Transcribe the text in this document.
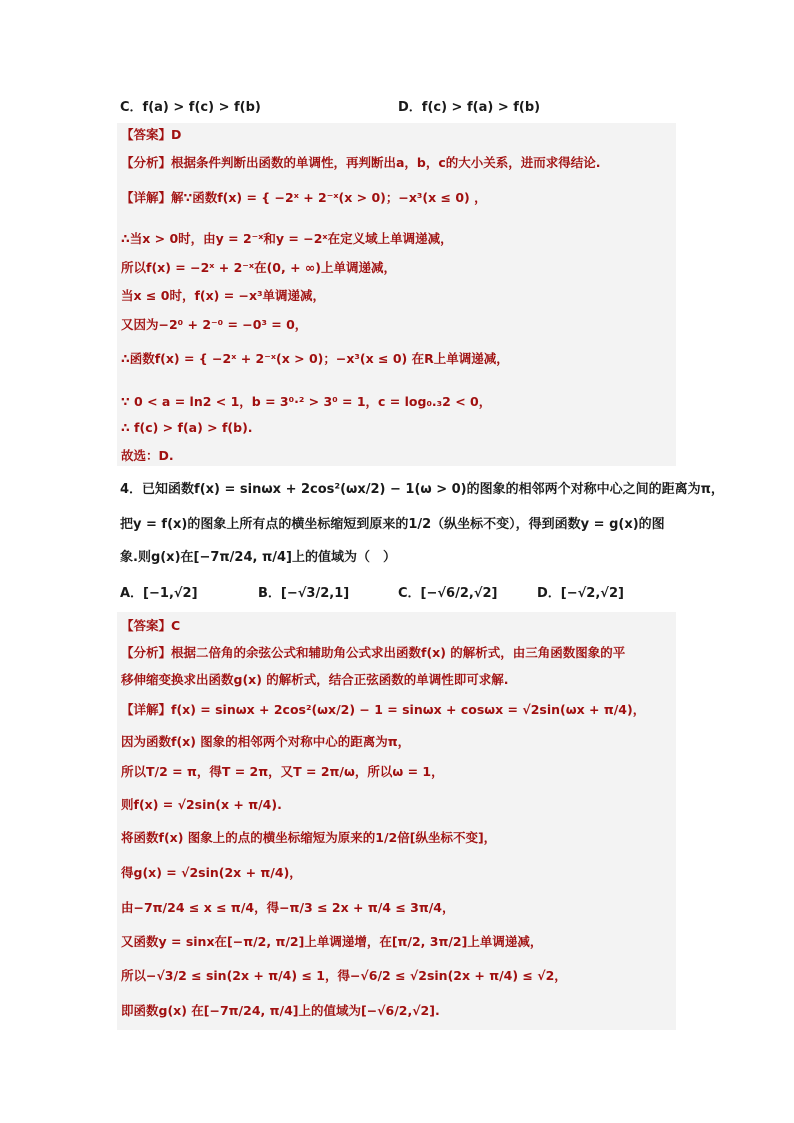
C．f(a) > f(c) > f(b)	D．f(c) > f(a) > f(b)
【答案】D
【分析】根据条件判断出函数的单调性，再判断出a，b，c的大小关系，进而求得结论.
【详解】解∵函数f(x) = { −2ˣ + 2⁻ˣ(x > 0)；−x³(x ≤ 0) ，
∴当x > 0时，由y = 2⁻ˣ和y = −2ˣ在定义域上单调递减，
所以f(x) = −2ˣ + 2⁻ˣ在(0, + ∞)上单调递减，
当x ≤ 0时，f(x) = −x³单调递减，
又因为−2⁰ + 2⁻⁰ = −0³ = 0，
∴函数f(x) = { −2ˣ + 2⁻ˣ(x > 0)；−x³(x ≤ 0) 在R上单调递减，
∵ 0 < a = ln2 < 1，b = 3⁰·² > 3⁰ = 1，c = log₀.₃2 < 0，
∴ f(c) > f(a) > f(b).
故选：D.
4．已知函数f(x) = sinωx + 2cos²(ωx/2) − 1(ω > 0)的图象的相邻两个对称中心之间的距离为π，
把y = f(x)的图象上所有点的横坐标缩短到原来的1/2（纵坐标不变），得到函数y = g(x)的图
象.则g(x)在[−7π/24, π/4]上的值域为（　）
A．[−1,√2]	B．[−√3/2,1]	C．[−√6/2,√2]	D．[−√2,√2]
【答案】C
【分析】根据二倍角的余弦公式和辅助角公式求出函数f(x) 的解析式，由三角函数图象的平
移伸缩变换求出函数g(x) 的解析式，结合正弦函数的单调性即可求解.
【详解】f(x) = sinωx + 2cos²(ωx/2) − 1 = sinωx + cosωx = √2sin(ωx + π/4)，
因为函数f(x) 图象的相邻两个对称中心的距离为π，
所以T/2 = π，得T = 2π，又T = 2π/ω，所以ω = 1，
则f(x) = √2sin(x + π/4).
将函数f(x) 图象上的点的横坐标缩短为原来的1/2倍[纵坐标不变]，
得g(x) = √2sin(2x + π/4)，
由−7π/24 ≤ x ≤ π/4，得−π/3 ≤ 2x + π/4 ≤ 3π/4，
又函数y = sinx在[−π/2, π/2]上单调递增，在[π/2, 3π/2]上单调递减，
所以−√3/2 ≤ sin(2x + π/4) ≤ 1，得−√6/2 ≤ √2sin(2x + π/4) ≤ √2，
即函数g(x) 在[−7π/24, π/4]上的值域为[−√6/2,√2].
